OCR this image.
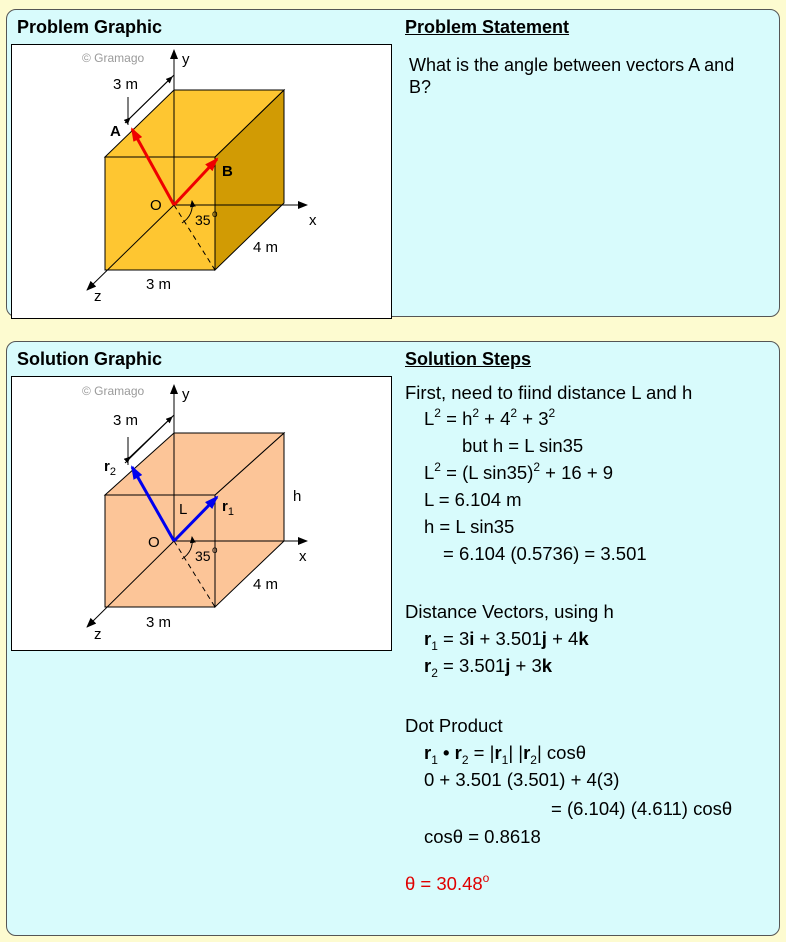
Problem Graphic	Problem Statement
What is the angle between vectors A and B?
© Gramago	y
x
z
3 m
4 m
3 m
O
35 o
A
B
Solution Graphic	Solution Steps
© Gramago	y
x
z
3 m
4 m
3 m
O
35 o
L
h
$r_2$
$r_1$
First, need to fiind distance L and h
$L^2 = h^2 + 4^2 + 3^2$
but h = L sin35
$L^2 = (L$ sin35)$^2$ + 16 + 9
L = 6.104 m
h = L sin35
= 6.104 (0.5736) = 3.501
Distance Vectors, using h
$r_1 = 3i + 3.501j + 4k$
$r_2 = 3.501j + 3k$
Dot Product
$r_1$ • $r_2 = |r_1|$ $|r_2|$ cosθ
0 + 3.501 (3.501) + 4(3)
= (6.104) (4.611) cosθ
cosθ = 0.8618
$\theta = 30.48^o$
